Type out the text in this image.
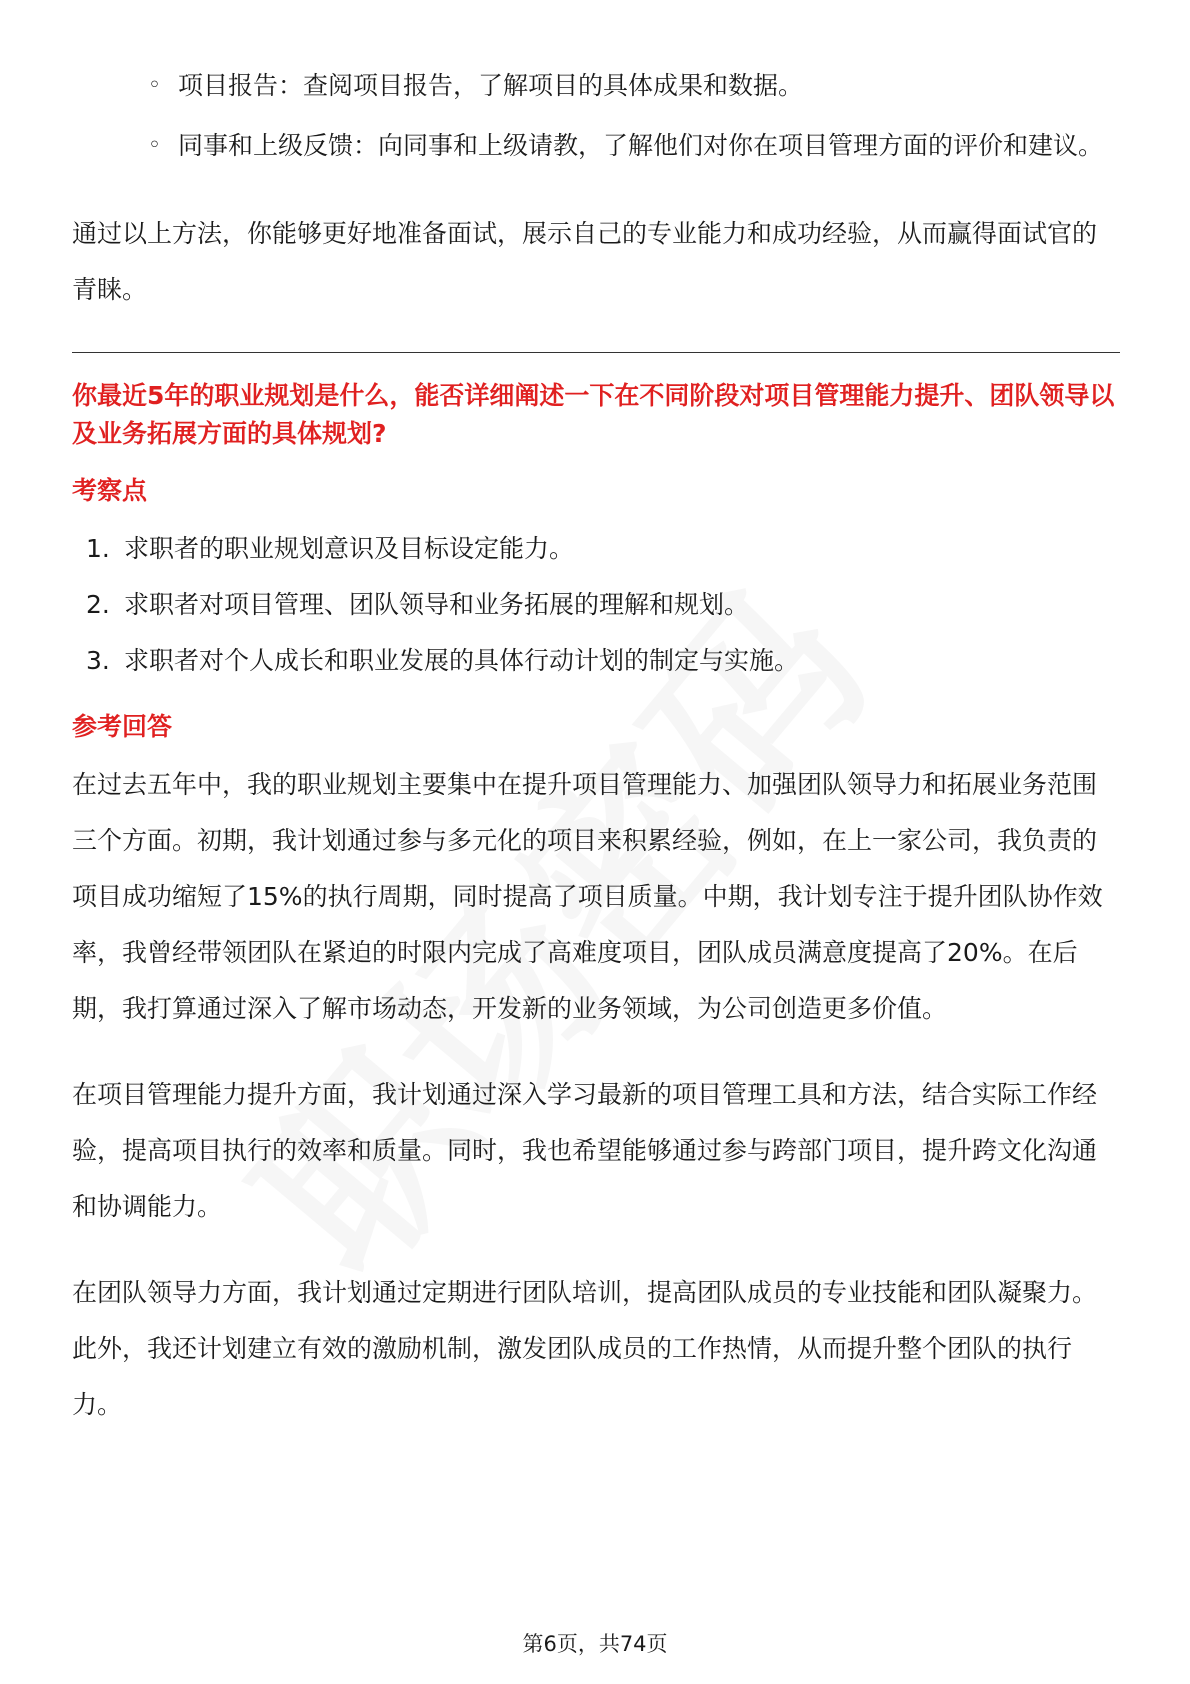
◦ 项目报告：查阅项目报告，了解项目的具体成果和数据。
◦ 同事和上级反馈：向同事和上级请教，了解他们对你在项目管理方面的评价和建议。

通过以上方法，你能够更好地准备面试，展示自己的专业能力和成功经验，从而赢得面试官的青睐。

你最近5年的职业规划是什么，能否详细阐述一下在不同阶段对项目管理能力提升、团队领导以及业务拓展方面的具体规划?
考察点
1. 求职者的职业规划意识及目标设定能力。
2. 求职者对项目管理、团队领导和业务拓展的理解和规划。
3. 求职者对个人成长和职业发展的具体行动计划的制定与实施。
参考回答

在过去五年中，我的职业规划主要集中在提升项目管理能力、加强团队领导力和拓展业务范围三个方面。初期，我计划通过参与多元化的项目来积累经验，例如，在上一家公司，我负责的项目成功缩短了15%的执行周期，同时提高了项目质量。中期，我计划专注于提升团队协作效率，我曾经带领团队在紧迫的时限内完成了高难度项目，团队成员满意度提高了20%。在后期，我打算通过深入了解市场动态，开发新的业务领域，为公司创造更多价值。

在项目管理能力提升方面，我计划通过深入学习最新的项目管理工具和方法，结合实际工作经验，提高项目执行的效率和质量。同时，我也希望能够通过参与跨部门项目，提升跨文化沟通和协调能力。

在团队领导力方面，我计划通过定期进行团队培训，提高团队成员的专业技能和团队凝聚力。此外，我还计划建立有效的激励机制，激发团队成员的工作热情，从而提升整个团队的执行力。

第6页，共74页
